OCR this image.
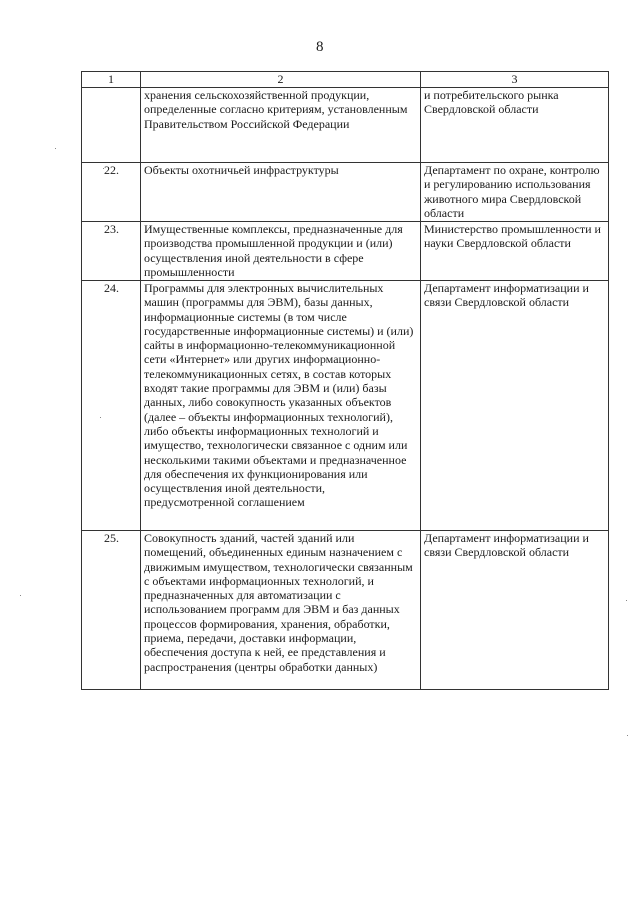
8
1	2	3
	хранения сельскохозяйственной продукции, определенные согласно критериям, установленным Правительством Российской Федерации	и потребительского рынка Свердловской области
22.	Объекты охотничьей инфраструктуры	Департамент по охране, контролю и регулированию использования животного мира Свердловской области
23.	Имущественные комплексы, предназначенные для производства промышленной продукции и (или) осуществления иной деятельности в сфере промышленности	Министерство промышленности и науки Свердловской области
24.	Программы для электронных вычислительных машин (программы для ЭВМ), базы данных, информационные системы (в том числе государственные информационные системы) и (или) сайты в информационно-телекоммуникационной сети «Интернет» или других информационно-телекоммуникационных сетях, в состав которых входят такие программы для ЭВМ и (или) базы данных, либо совокупность указанных объектов (далее – объекты информационных технологий), либо объекты информационных технологий и имущество, технологически связанное с одним или несколькими такими объектами и предназначенное для обеспечения их функционирования или осуществления иной деятельности, предусмотренной соглашением	Департамент информатизации и связи Свердловской области
25.	Совокупность зданий, частей зданий или помещений, объединенных единым назначением с движимым имуществом, технологически связанным с объектами информационных технологий, и предназначенных для автоматизации с использованием программ для ЭВМ и баз данных процессов формирования, хранения, обработки, приема, передачи, доставки информации, обеспечения доступа к ней, ее представления и распространения (центры обработки данных)	Департамент информатизации и связи Свердловской области
